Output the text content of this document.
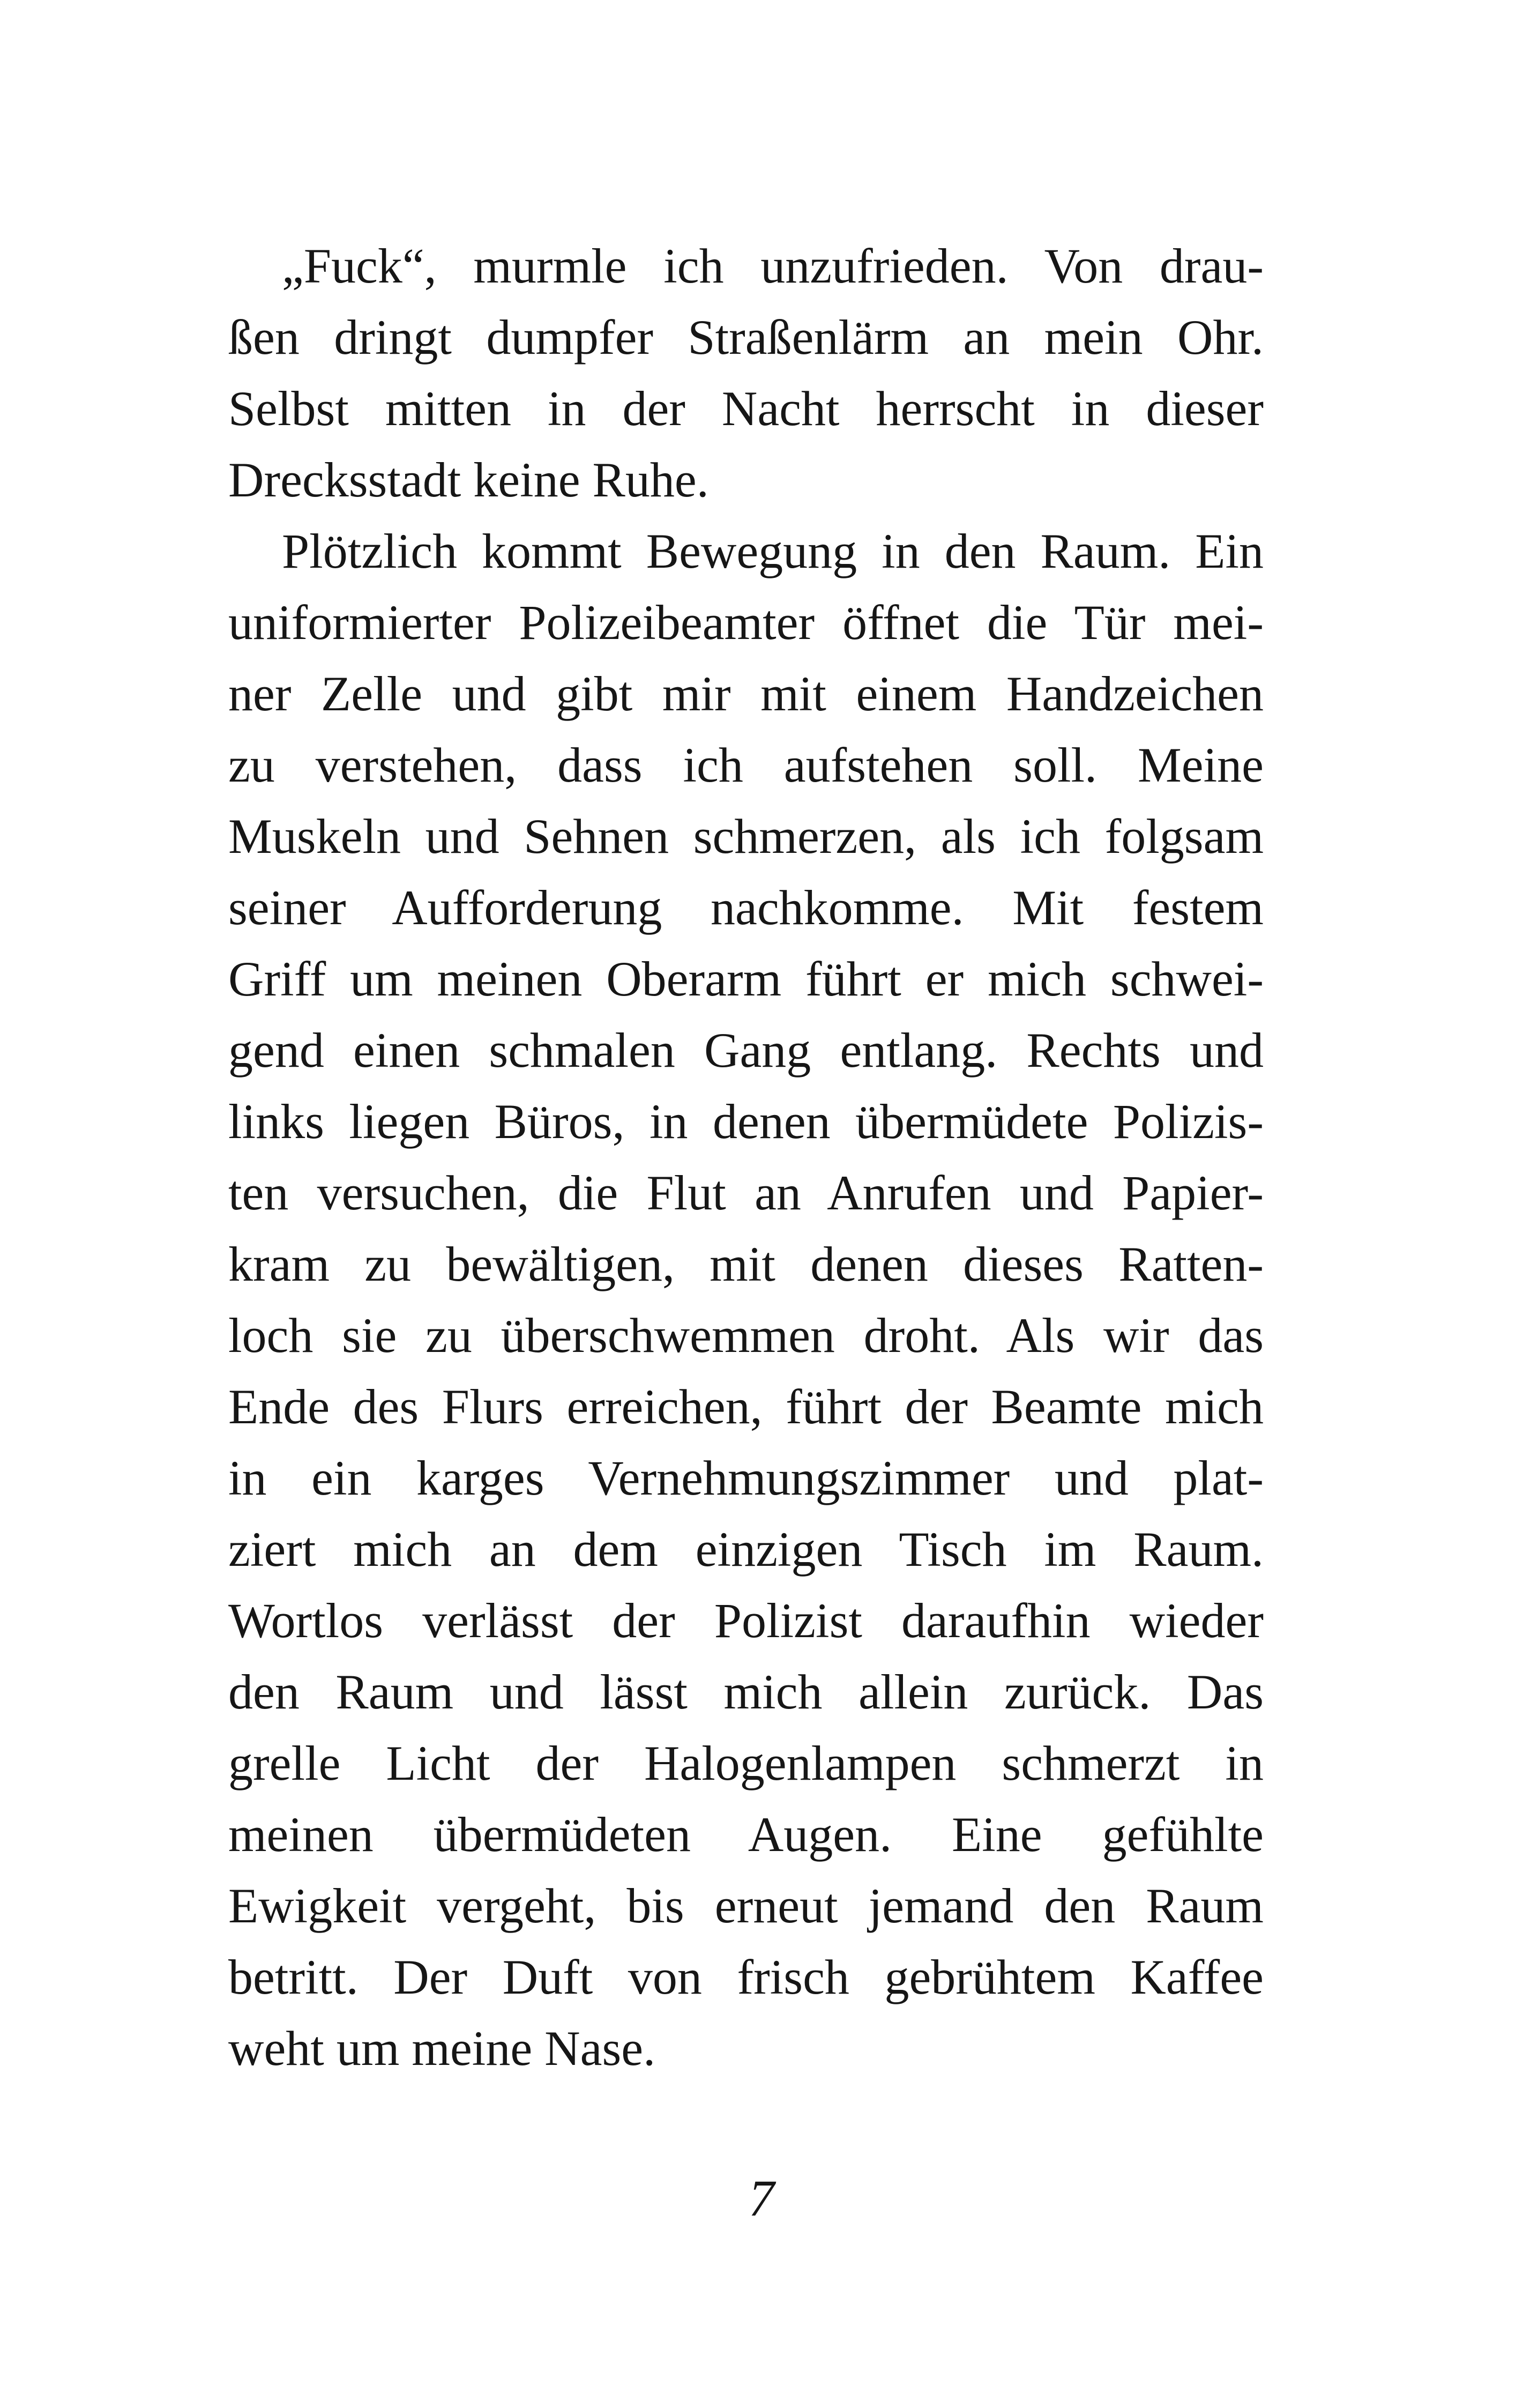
„Fuck“, murmle ich unzufrieden. Von drau-
ßen dringt dumpfer Straßenlärm an mein Ohr.
Selbst mitten in der Nacht herrscht in dieser
Drecksstadt keine Ruhe.
Plötzlich kommt Bewegung in den Raum. Ein
uniformierter Polizeibeamter öffnet die Tür mei-
ner Zelle und gibt mir mit einem Handzeichen
zu verstehen, dass ich aufstehen soll. Meine
Muskeln und Sehnen schmerzen, als ich folgsam
seiner Aufforderung nachkomme. Mit festem
Griff um meinen Oberarm führt er mich schwei-
gend einen schmalen Gang entlang. Rechts und
links liegen Büros, in denen übermüdete Polizis-
ten versuchen, die Flut an Anrufen und Papier-
kram zu bewältigen, mit denen dieses Ratten-
loch sie zu überschwemmen droht. Als wir das
Ende des Flurs erreichen, führt der Beamte mich
in ein karges Vernehmungszimmer und plat-
ziert mich an dem einzigen Tisch im Raum.
Wortlos verlässt der Polizist daraufhin wieder
den Raum und lässt mich allein zurück. Das
grelle Licht der Halogenlampen schmerzt in
meinen übermüdeten Augen. Eine gefühlte
Ewigkeit vergeht, bis erneut jemand den Raum
betritt. Der Duft von frisch gebrühtem Kaffee
weht um meine Nase.
7
